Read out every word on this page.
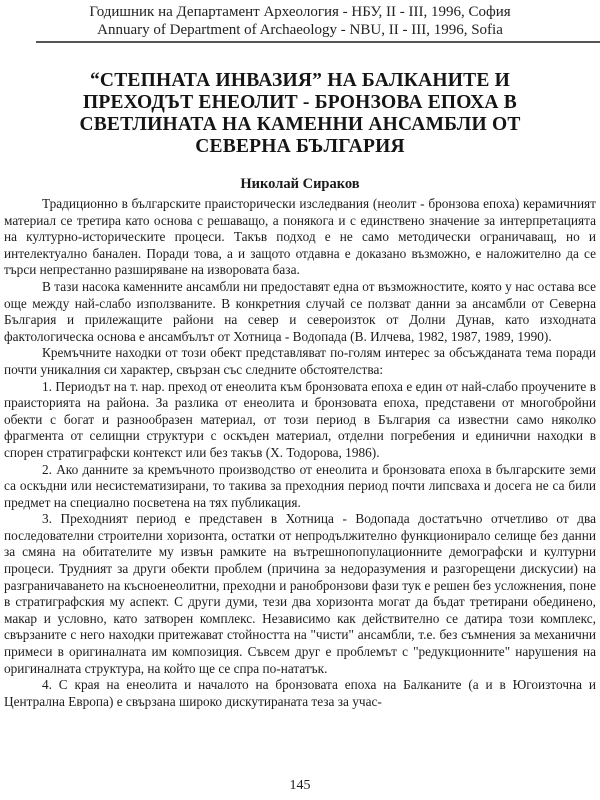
Годишник на Департамент Археология - НБУ, II - III, 1996, София
Annuary of Department of Archaeology - NBU, II - III, 1996, Sofia
“СТЕПНАТА ИНВАЗИЯ” НА БАЛКАНИТЕ И
ПРЕХОДЪТ ЕНЕОЛИТ - БРОНЗОВА ЕПОХА В
СВЕТЛИНАТА НА КАМЕННИ АНСАМБЛИ ОТ
СЕВЕРНА БЪЛГАРИЯ
Николай Сираков

Традиционно в българските праисторически изследвания (неолит - бронзова епоха) керамичният материал се третира като основа с решаващо, а понякога и с единствено значение за интерпретацията на културно-историческите процеси. Такъв подход е не само методически ограничаващ, но и интелектуално банален. Поради това, а и защото отдавна е доказано възможно, е наложително да се търси непрестанно разширяване на изворовата база.

В тази насока каменните ансамбли ни предоставят една от възможностите, която у нас остава все още между най-слабо използваните. В конкретния случай се ползват данни за ансамбли от Северна България и прилежащите райони на север и североизток от Долни Дунав, като изходната фактологическа основа е ансамбълът от Хотница - Водопада (В. Илчева, 1982, 1987, 1989, 1990).

Кремъчните находки от този обект представляват по-голям интерес за обсъжданата тема поради почти уникалния си характер, свързан със следните обстоятелства:

1. Периодът на т. нар. преход от енеолита към бронзовата епоха е един от най-слабо проучените в праисторията на района. За разлика от енеолита и бронзовата епоха, представени от многобройни обекти с богат и разнообразен материал, от този период в България са известни само няколко фрагмента от селищни структури с оскъден материал, отделни погребения и единични находки в спорен стратиграфски контекст или без такъв (Х. Тодорова, 1986).

2. Ако данните за кремъчното производство от енеолита и бронзовата епоха в българските земи са оскъдни или несистематизирани, то такива за преходния период почти липсваха и досега не са били предмет на специално посветена на тях публикация.

3. Преходният период е представен в Хотница - Водопада достатъчно отчетливо от два последователни строителни хоризонта, остатки от непродължително функционирало селище без данни за смяна на обитателите му извън рамките на вътрешнопопулационните демографски и културни процеси. Трудният за други обекти проблем (причина за недоразумения и разгорещени дискусии) на разграничаването на късноенеолитни, преходни и ранобронзови фази тук е решен без усложнения, поне в стратиграфския му аспект. С други думи, тези два хоризонта могат да бъдат третирани обединено, макар и условно, като затворен комплекс. Независимо как действително се датира този комплекс, свързаните с него находки притежават стойността на "чисти" ансамбли, т.е. без съмнения за механични примеси в оригиналната им композиция. Съвсем друг е проблемът с "редукционните" нарушения на оригиналната структура, на който ще се спра по-нататък.

4. С края на енеолита и началото на бронзовата епоха на Балканите (а и в Югоизточна и Централна Европа) е свързана широко дискутираната теза за учас-

145
